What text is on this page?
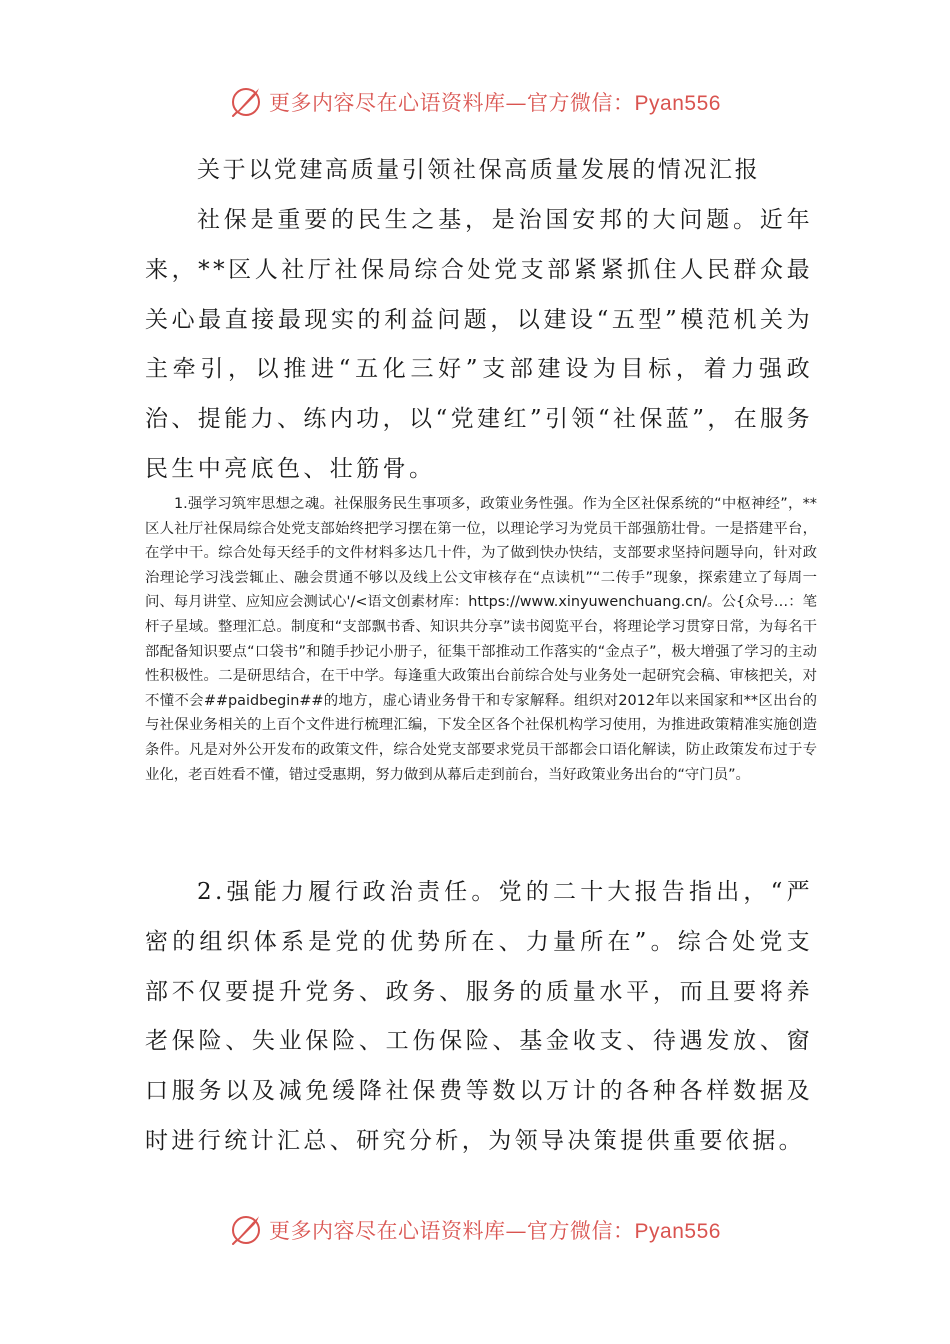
更多内容尽在心语资料库—官方微信：Pyan556
关于以党建高质量引领社保高质量发展的情况汇报

社保是重要的民生之基，是治国安邦的大问题。近年来，**区人社厅社保局综合处党支部紧紧抓住人民群众最关心最直接最现实的利益问题，以建设“五型”模范机关为主牵引，以推进“五化三好”支部建设为目标，着力强政治、提能力、练内功，以“党建红”引领“社保蓝”，在服务民生中亮底色、壮筋骨。

1.强学习筑牢思想之魂。社保服务民生事项多，政策业务性强。作为全区社保系统的“中枢神经”，**区人社厅社保局综合处党支部始终把学习摆在第一位，以理论学习为党员干部强筋壮骨。一是搭建平台，在学中干。综合处每天经手的文件材料多达几十件，为了做到快办快结，支部要求坚持问题导向，针对政治理论学习浅尝辄止、融会贯通不够以及线上公文审核存在“点读机”“二传手”现象，探索建立了每周一问、每月讲堂、应知应会测试心'/<语文创素材库：https://www.xinyuwenchuang.cn/。公{众号…：笔杆子星域。整理汇总。制度和“支部飘书香、知识共分享”读书阅览平台，将理论学习贯穿日常，为每名干部配备知识要点“口袋书”和随手抄记小册子，征集干部推动工作落实的“金点子”，极大增强了学习的主动性积极性。二是研思结合，在干中学。每逢重大政策出台前综合处与业务处一起研究会稿、审核把关，对不懂不会##paidbegin##的地方，虚心请业务骨干和专家解释。组织对2012年以来国家和**区出台的与社保业务相关的上百个文件进行梳理汇编，下发全区各个社保机构学习使用，为推进政策精准实施创造条件。凡是对外公开发布的政策文件，综合处党支部要求党员干部都会口语化解读，防止政策发布过于专业化，老百姓看不懂，错过受惠期，努力做到从幕后走到前台，当好政策业务出台的“守门员”。

2.强能力履行政治责任。党的二十大报告指出，“严密的组织体系是党的优势所在、力量所在”。综合处党支部不仅要提升党务、政务、服务的质量水平，而且要将养老保险、失业保险、工伤保险、基金收支、待遇发放、窗口服务以及减免缓降社保费等数以万计的各种各样数据及时进行统计汇总、研究分析，为领导决策提供重要依据。

更多内容尽在心语资料库—官方微信：Pyan556
